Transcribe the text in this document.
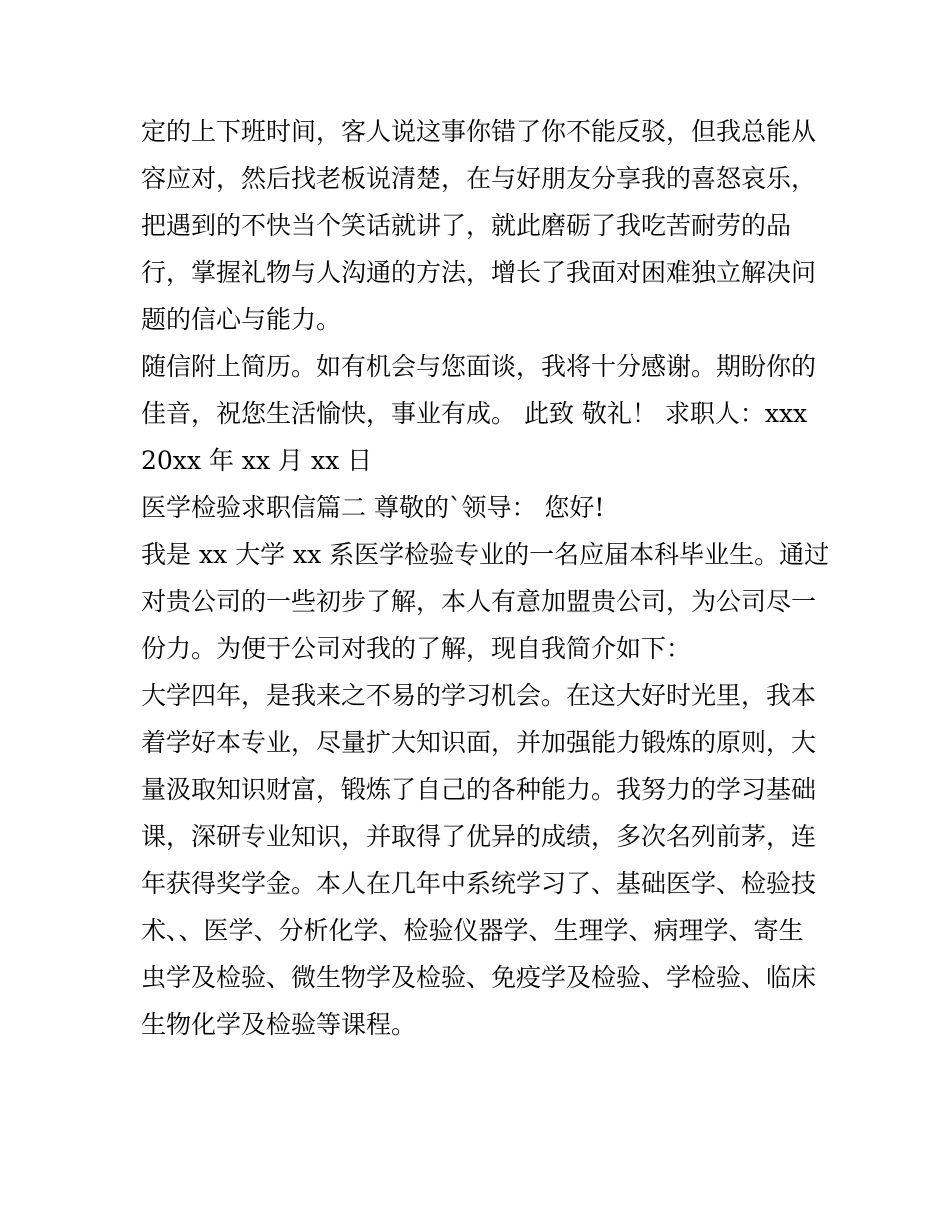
定的上下班时间，客人说这事你错了你不能反驳，但我总能从
容应对，然后找老板说清楚，在与好朋友分享我的喜怒哀乐，
把遇到的不快当个笑话就讲了，就此磨砺了我吃苦耐劳的品
行，掌握礼物与人沟通的方法，增长了我面对困难独立解决问
题的信心与能力。
随信附上简历。如有机会与您面谈，我将十分感谢。期盼你的
佳音，祝您生活愉快，事业有成。 此致 敬礼！ 求职人：xxx
20xx 年 xx 月 xx 日
医学检验求职信篇二 尊敬的`领导： 您好!
我是 xx 大学 xx 系医学检验专业的一名应届本科毕业生。通过
对贵公司的一些初步了解，本人有意加盟贵公司，为公司尽一
份力。为便于公司对我的了解，现自我简介如下：
大学四年，是我来之不易的学习机会。在这大好时光里，我本
着学好本专业，尽量扩大知识面，并加强能力锻炼的原则，大
量汲取知识财富，锻炼了自己的各种能力。我努力的学习基础
课，深研专业知识，并取得了优异的成绩，多次名列前茅，连
年获得奖学金。本人在几年中系统学习了、基础医学、检验技
术、、医学、分析化学、检验仪器学、生理学、病理学、寄生
虫学及检验、微生物学及检验、免疫学及检验、学检验、临床
生物化学及检验等课程。
